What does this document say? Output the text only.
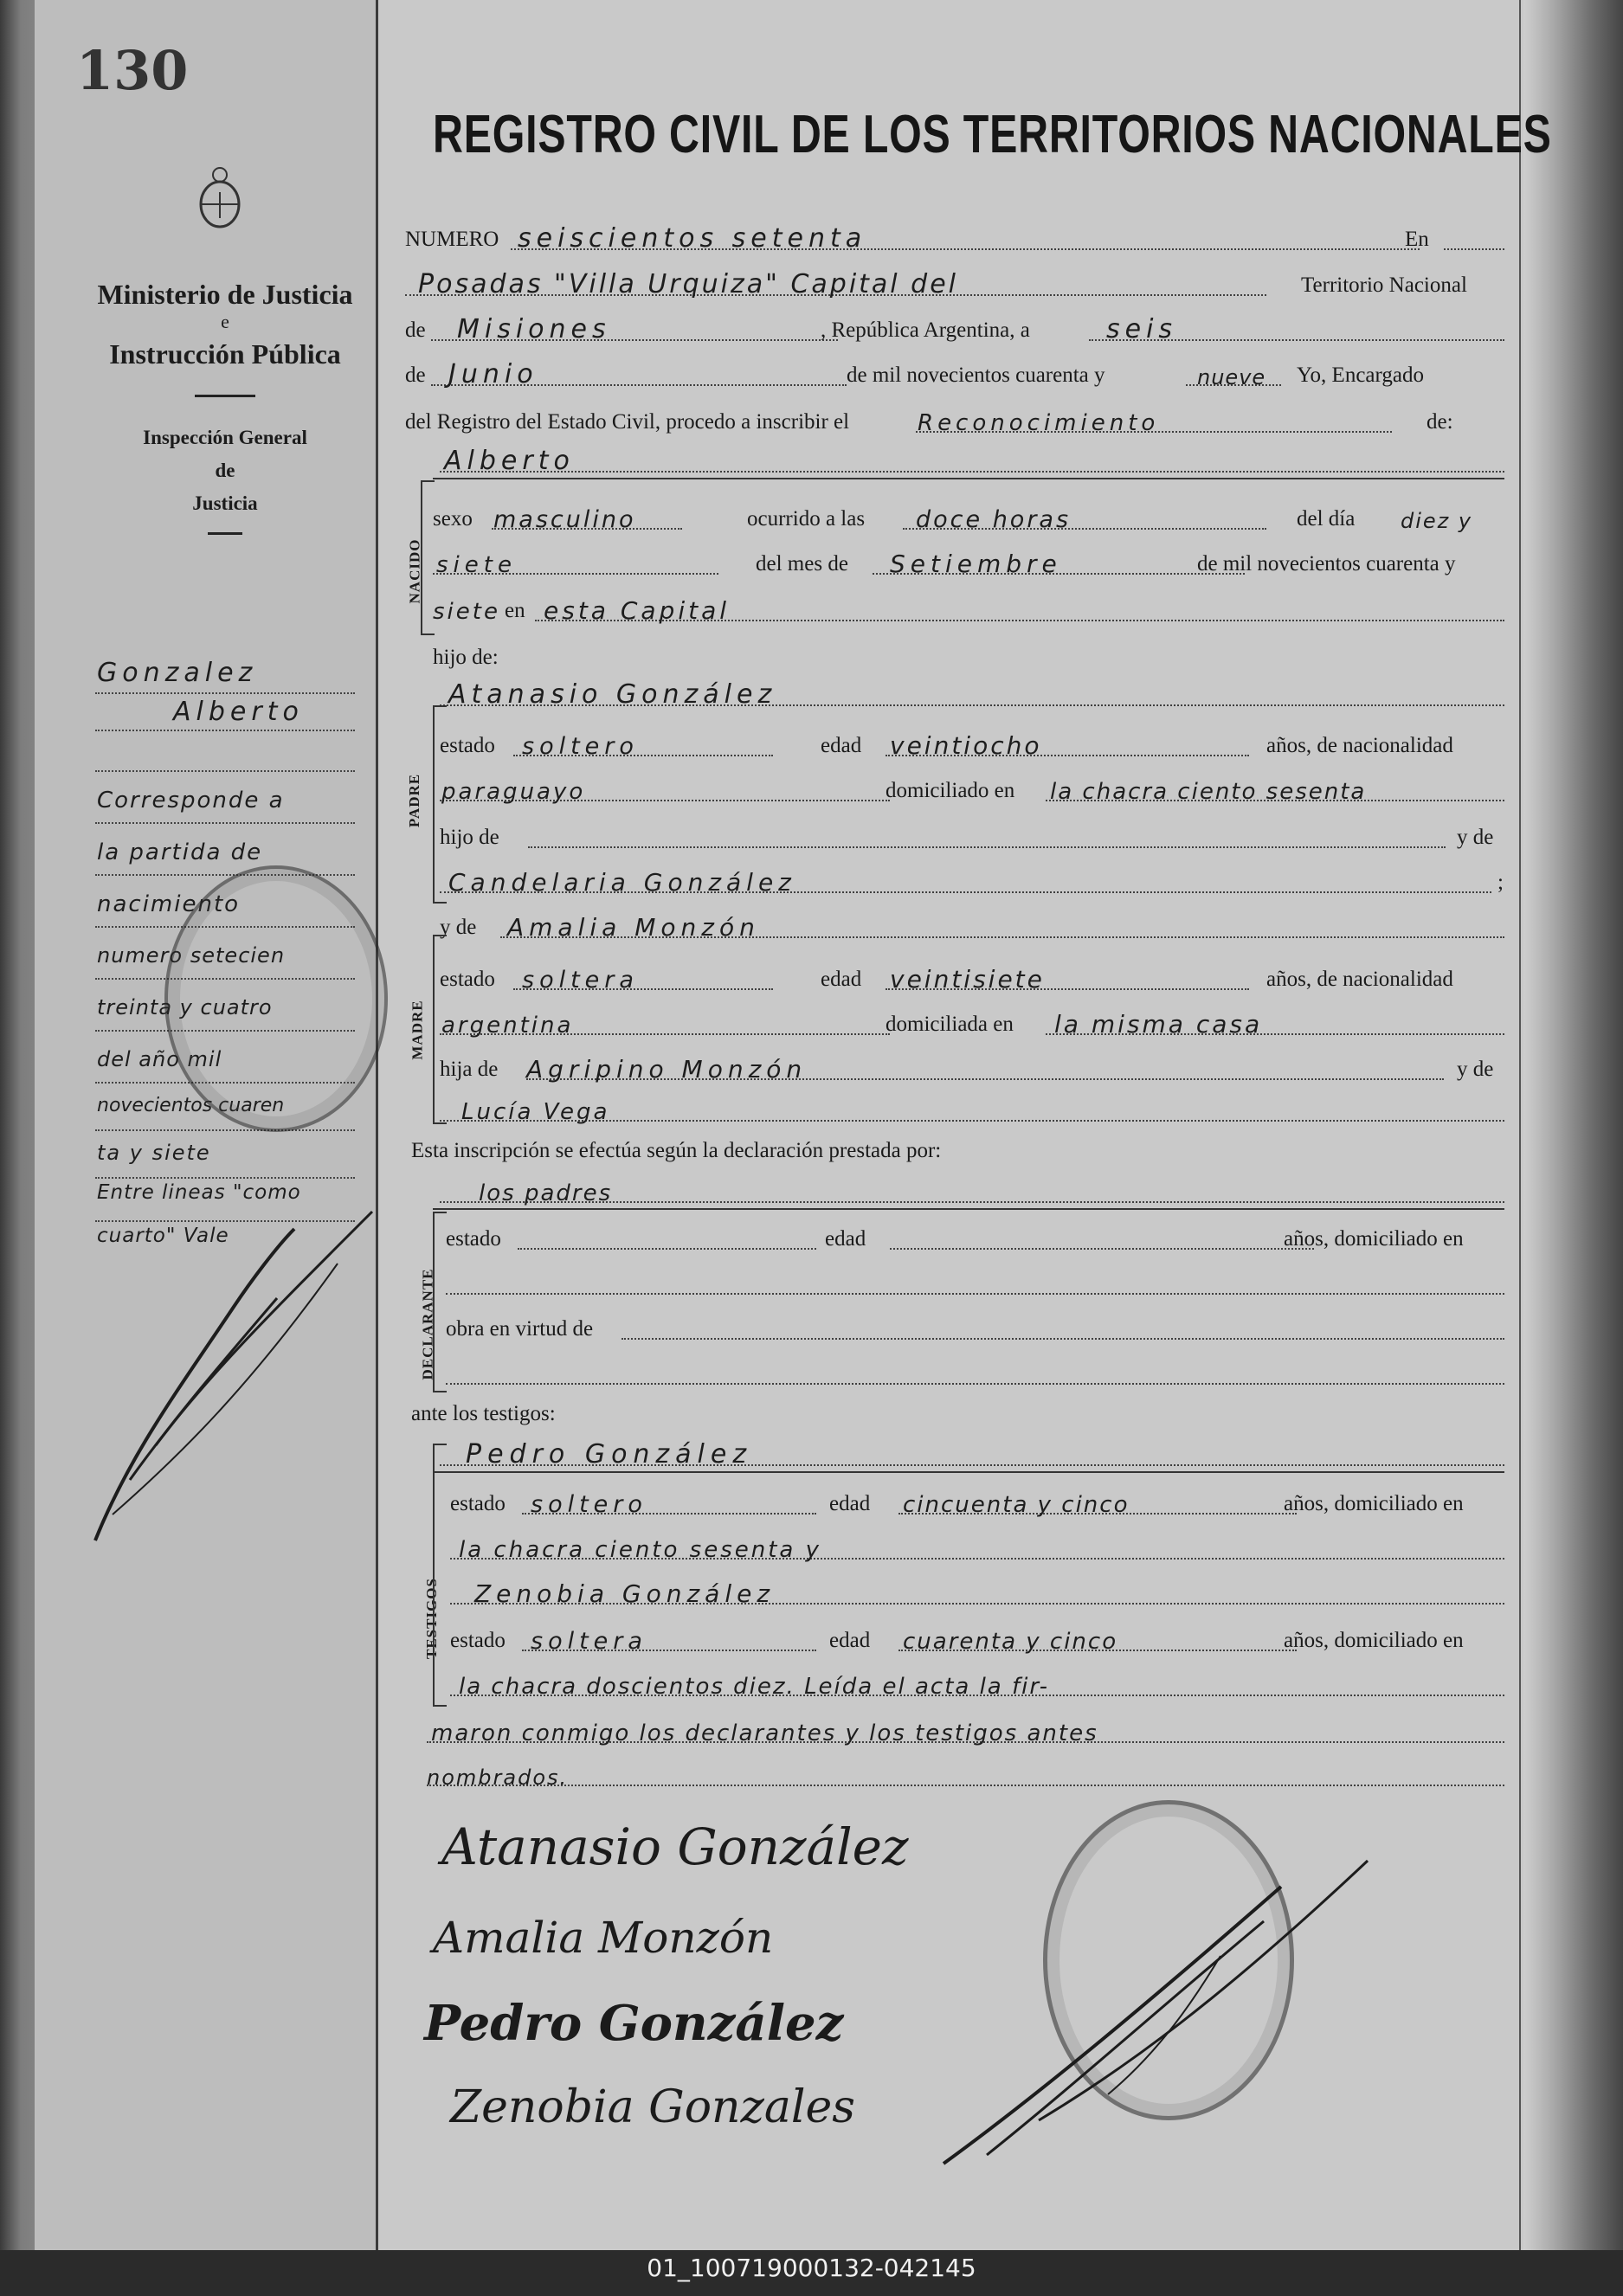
130
Ministerio de Justicia
e
Instrucción Pública
Inspección General
de
Justicia
Gonzalez
Alberto
Corresponde a
la partida de
nacimiento
numero setecien
treinta y cuatro
del año mil
novecientos cuaren
ta y siete
Entre lineas "como
cuarto" Vale
REGISTRO CIVIL DE LOS TERRITORIOS NACIONALES
NUMERO seiscientos setenta	En
Posadas "Villa Urquiza" Capital del	Territorio Nacional
de Misiones	, República Argentina, a	seis
de Junio	de mil novecientos cuarenta y	nueve Yo, Encargado
del Registro del Estado Civil, procedo a inscribir el	Reconocimiento	de:
Alberto
NACIDO
sexo masculino	ocurrido a las doce horas	del día diez y
siete	del mes de Setiembre	de mil novecientos cuarenta y
siete en esta Capital
hijo de:
Atanasio González
PADRE
estado soltero	edad veintiocho	años, de nacionalidad
paraguayo	domiciliado en la chacra ciento sesenta
hijo de	y de
Candelaria González	;
y de Amalia Monzón
MADRE
estado soltera	edad veintisiete	años, de nacionalidad
argentina	domiciliada en la misma casa
hija de Agripino Monzón	y de
Lucía Vega
Esta inscripción se efectúa según la declaración prestada por:
los padres
DECLARANTE
estado	edad	años, domiciliado en
obra en virtud de
ante los testigos:
Pedro González
TESTIGOS
estado soltero	edad cincuenta y cinco	años, domiciliado en
la chacra ciento sesenta y
Zenobia González
estado soltera	edad cuarenta y cinco	años, domiciliado en
la chacra doscientos diez. Leída el acta la fir-
maron conmigo los declarantes y los testigos antes
nombrados.
Atanasio González
Amalia Monzón
Pedro González
Zenobia Gonzales
01_100719000132-042145
